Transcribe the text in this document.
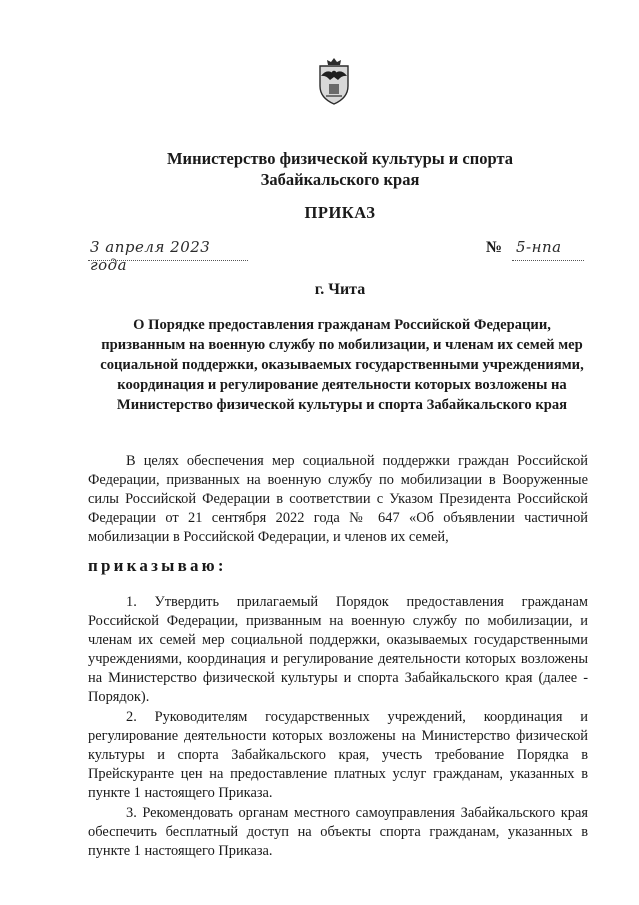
Министерство физической культуры и спорта
Забайкальского края
ПРИКАЗ
3 апреля 2023 года
№ 5-нпа
г. Чита
О Порядке предоставления гражданам Российской Федерации,
призванным на военную службу по мобилизации, и членам их семей мер
социальной поддержки, оказываемых государственными учреждениями,
координация и регулирование деятельности которых возложены на
Министерство физической культуры и спорта Забайкальского края

В целях обеспечения мер социальной поддержки граждан Российской Федерации, призванных на военную службу по мобилизации в Вооруженные силы Российской Федерации в соответствии с Указом Президента Российской Федерации от 21 сентября 2022 года № 647 «Об объявлении частичной мобилизации в Российской Федерации, и членов их семей,

приказываю:

1. Утвердить прилагаемый Порядок предоставления гражданам Российской Федерации, призванным на военную службу по мобилизации, и членам их семей мер социальной поддержки, оказываемых государственными учреждениями, координация и регулирование деятельности которых возложены на Министерство физической культуры и спорта Забайкальского края (далее - Порядок).

2. Руководителям государственных учреждений, координация и регулирование деятельности которых возложены на Министерство физической культуры и спорта Забайкальского края, учесть требование Порядка в Прейскуранте цен на предоставление платных услуг гражданам, указанных в пункте 1 настоящего Приказа.

3. Рекомендовать органам местного самоуправления Забайкальского края обеспечить бесплатный доступ на объекты спорта гражданам, указанных в пункте 1 настоящего Приказа.
